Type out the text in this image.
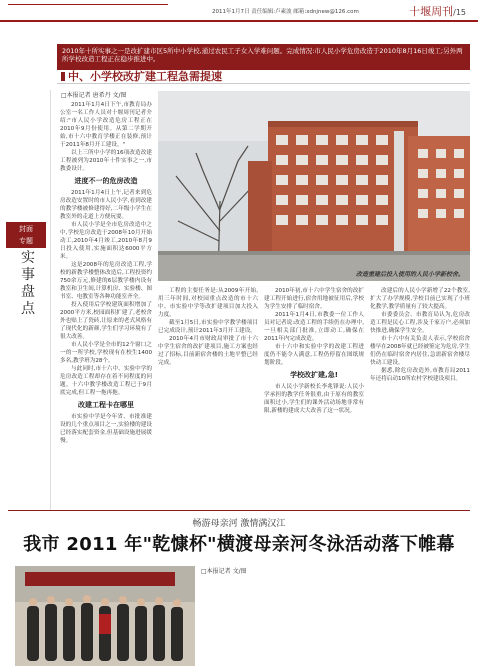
2011年1月7日 责任编辑:卢素波 邮箱:xdnjnew@126.com	十堰周刊/15
2010年十所实事之一是改扩建市区5所中小学校,通过农民工子女入学难问题。完成情况:市人民小学危房改造于2010年8月16日竣工;另外两所学校改造工程正在稳步推进中。
中、小学校改扩建工程急需提速
□本报记者 唐希丹 文/图
封面
专题
实事盘点

2011年1月4日下午,市教育局办公室一名工作人员对十堰周刊记者介绍:"市人民小学改造危房工程正在2010年9月份使用。从第二学期开始,市十六中教育学楼正在装修,预计于2011年8月开工建设。"

以上三所中小学的16项改造改建工程被列为2010年十件实事之一,市教委设计。

进度不一的危房改造

2011年1月4日上午,记者来到危房改造安置时的市人民小学,看到改建的教学楼被修建得好,二年级小学生在教室外的走道上方便玩耍。

市人民小学是全市危房改造中之中,学校危房改造于2008年10月开始动工,2010年4月竣工,2010年8月9日投入使用,实施面积达6000平方米。

这是2008年的危房改造工程,学校的新教学楼整体改造后,工程投资约750余万元,修建的6层教学楼内设有教室和卫生间,计算机房、实验楼、图书室、电教室等各种功能室齐全。

投入使用后学校建筑面积增加了2000平方米,校园面积扩建了,老校舍外也贴上了瓷砖,让原来的老式风格有了现代化的新颜,学生们学习环境有了很大改善。

市人民小学是全市的12个窗口之一的一所学校,学校现有在校生1400多名,教学班为28个。

与此同时,市十六中、实验中学的危房改造工程却存在着不同程度的问题。十六中教学楼改造工程已于9月底完成,但工程一拖再拖。

改建工程卡在哪里

市实验中学是今年省、市批准建设的几个重点项目之一,实验楼的建设已经落实配套资金,但基础设施进展缓慢。

改造重建后投入使用的人民小学新校舍。

工程的主要任务是:从2009年开始,用三年时间,对校园重点改造的市十六中、市实验中学等改扩建项目加大投入力度。

截至1月5日,市实验中学教学楼项目已完成设计,预计2011年3月开工建设。

2010年4月市财政局审批了市十六中学生宿舍的改扩建项目,施工方案也经过了招标,目前新宿舍楼的土地平整已经完成。

2010年初,市十六中学生宿舍的改扩建工程开始进行,宿舍用地被征用后,学校为学生安排了临时宿舍。

2011年1月4日,市教委一位工作人员对记者说:改造工程的手续仍在办理中,一旦相关部门批准,立即动工,确保在2011年内完成改造。

市十六中和实验中学的改建工程进度仍不能令人满意,工程仍停留在图纸规划阶段。

学校改扩建,急!

市人民小学新校长李兆锋说:人民小学承担的教学任务很重,由于原有的教室面积过小,学生们的课外活动场地非常有限,新楼的建成大大改善了这一状况。

改建后的人民小学新增了22个教室,扩大了办学规模,学校目前已实现了小班化教学,教学质量有了较大提高。

市委委员会、市教育局认为,危房改造工程是民心工程,涉及千家万户,必须加快推进,确保学生安全。

市十六中有关负责人表示,学校宿舍楼早在2008年就已经被鉴定为危房,学生们仍在临时宿舍内居住,急需新宿舍楼尽快动工建设。

据悉,除危房改造外,市教育局2011年还将启动10所农村学校建设项目。

畅游母亲河 激情满汉江
我市 2011 年"乾慷杯"横渡母亲河冬泳活动落下帷幕
□本报记者 文/图
